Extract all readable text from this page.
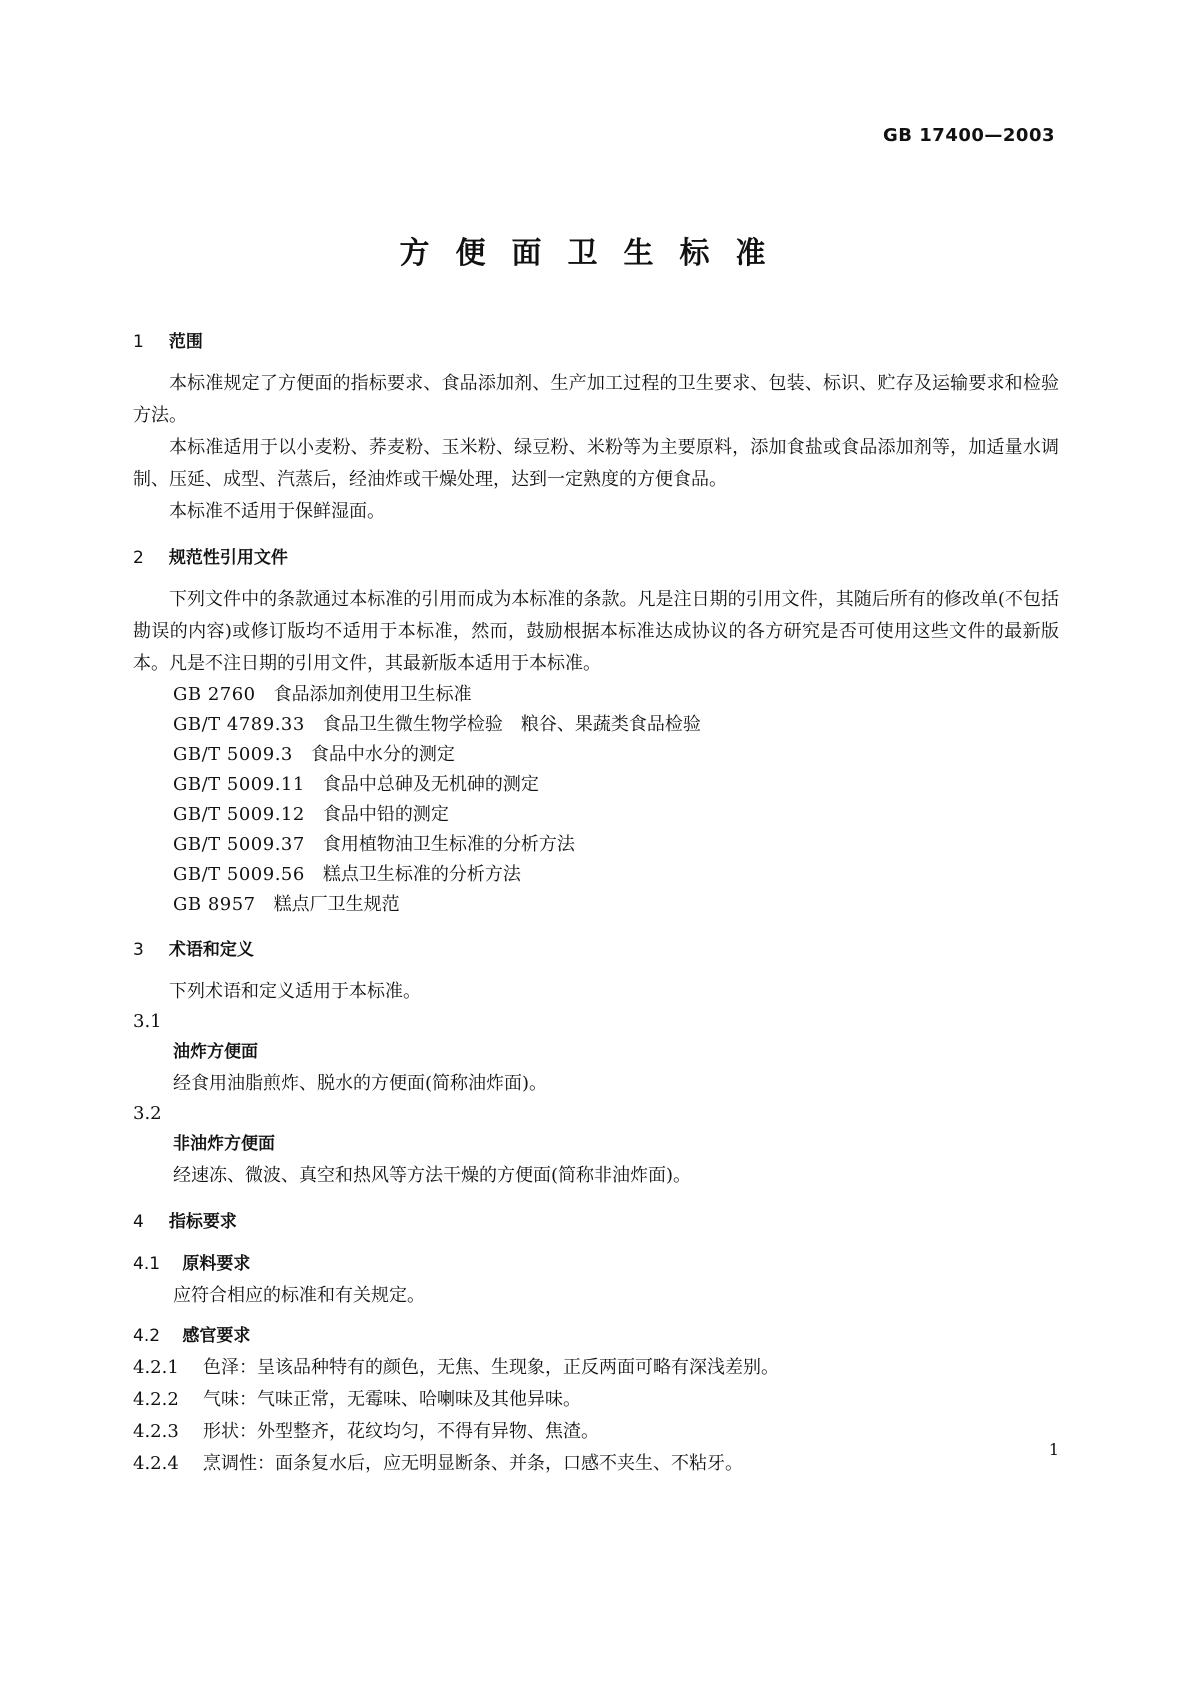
GB 17400—2003
方便面卫生标准
1 范围
本标准规定了方便面的指标要求、食品添加剂、生产加工过程的卫生要求、包装、标识、贮存及运输要求和检验方法。
本标准适用于以小麦粉、荞麦粉、玉米粉、绿豆粉、米粉等为主要原料，添加食盐或食品添加剂等，加适量水调制、压延、成型、汽蒸后，经油炸或干燥处理，达到一定熟度的方便食品。
本标准不适用于保鲜湿面。
2 规范性引用文件
下列文件中的条款通过本标准的引用而成为本标准的条款。凡是注日期的引用文件，其随后所有的修改单(不包括勘误的内容)或修订版均不适用于本标准，然而，鼓励根据本标准达成协议的各方研究是否可使用这些文件的最新版本。凡是不注日期的引用文件，其最新版本适用于本标准。
GB 2760 食品添加剂使用卫生标准
GB/T 4789.33 食品卫生微生物学检验　粮谷、果蔬类食品检验
GB/T 5009.3 食品中水分的测定
GB/T 5009.11 食品中总砷及无机砷的测定
GB/T 5009.12 食品中铅的测定
GB/T 5009.37 食用植物油卫生标准的分析方法
GB/T 5009.56 糕点卫生标准的分析方法
GB 8957 糕点厂卫生规范
3 术语和定义
下列术语和定义适用于本标准。
3.1
油炸方便面
经食用油脂煎炸、脱水的方便面(简称油炸面)。
3.2
非油炸方便面
经速冻、微波、真空和热风等方法干燥的方便面(简称非油炸面)。
4 指标要求
4.1 原料要求
应符合相应的标准和有关规定。
4.2 感官要求
4.2.1 色泽：呈该品种特有的颜色，无焦、生现象，正反两面可略有深浅差别。
4.2.2 气味：气味正常，无霉味、哈喇味及其他异味。
4.2.3 形状：外型整齐，花纹均匀，不得有异物、焦渣。
4.2.4 烹调性：面条复水后，应无明显断条、并条，口感不夹生、不粘牙。
1
